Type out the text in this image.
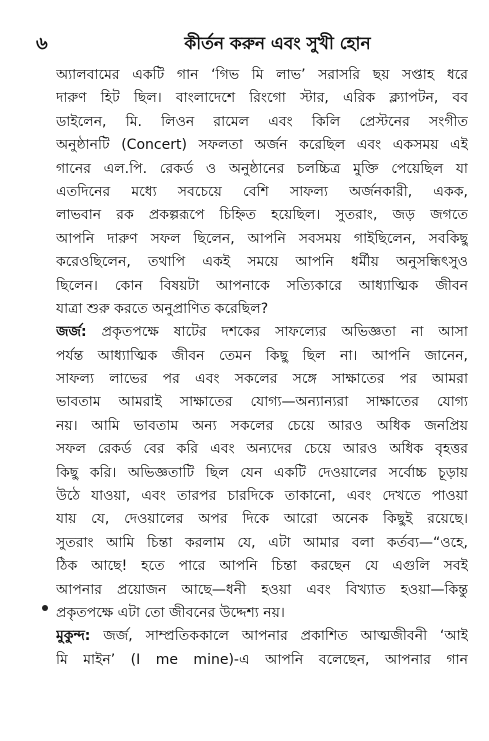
৬	কীর্তন করুন এবং সুখী হোন
অ্যালবামের একটি গান ‘গিভ মি লাভ’ সরাসরি ছয় সপ্তাহ ধরে
দারুণ হিট ছিল। বাংলাদেশে রিংগো স্টার, এরিক ক্ল্যাপটন, বব
ডাইলেন, মি. লিওন রামেল এবং কিলি প্রেস্টনের সংগীত
অনুষ্ঠানটি (Concert) সফলতা অর্জন করেছিল এবং একসময় এই
গানের এল.পি. রেকর্ড ও অনুষ্ঠানের চলচ্চিত্র মুক্তি পেয়েছিল যা
এতদিনের মধ্যে সবচেয়ে বেশি সাফল্য অর্জনকারী, একক,
লাভবান রক প্রকল্পরূপে চিহ্নিত হয়েছিল। সুতরাং, জড় জগতে
আপনি দারুণ সফল ছিলেন, আপনি সবসময় গাইছিলেন, সবকিছু
করেওছিলেন, তথাপি একই সময়ে আপনি ধর্মীয় অনুসন্ধিৎসুও
ছিলেন। কোন বিষয়টা আপনাকে সত্যিকারে আধ্যাত্মিক জীবন
যাত্রা শুরু করতে অনুপ্রাণিত করেছিল?
জর্জ: প্রকৃতপক্ষে ষাটের দশকের সাফল্যের অভিজ্ঞতা না আসা
পর্যন্ত আধ্যাত্মিক জীবন তেমন কিছু ছিল না। আপনি জানেন,
সাফল্য লাভের পর এবং সকলের সঙ্গে সাক্ষাতের পর আমরা
ভাবতাম আমরাই সাক্ষাতের যোগ্য—অন্যান্যরা সাক্ষাতের যোগ্য
নয়। আমি ভাবতাম অন্য সকলের চেয়ে আরও অধিক জনপ্রিয়
সফল রেকর্ড বের করি এবং অন্যদের চেয়ে আরও অধিক বৃহত্তর
কিছু করি। অভিজ্ঞতাটি ছিল যেন একটি দেওয়ালের সর্বোচ্চ চূড়ায়
উঠে যাওয়া, এবং তারপর চারদিকে তাকানো, এবং দেখতে পাওয়া
যায় যে, দেওয়ালের অপর দিকে আরো অনেক কিছুই রয়েছে।
সুতরাং আমি চিন্তা করলাম যে, এটা আমার বলা কর্তব্য—“ওহে,
ঠিক আছে! হতে পারে আপনি চিন্তা করছেন যে এগুলি সবই
আপনার প্রয়োজন আছে—ধনী হওয়া এবং বিখ্যাত হওয়া—কিন্তু
প্রকৃতপক্ষে এটা তো জীবনের উদ্দেশ্য নয়।
মুকুন্দ: জর্জ, সাম্প্রতিককালে আপনার প্রকাশিত আত্মজীবনী ‘আই
মি মাইন’ (I me mine)-এ আপনি বলেছেন, আপনার গান
